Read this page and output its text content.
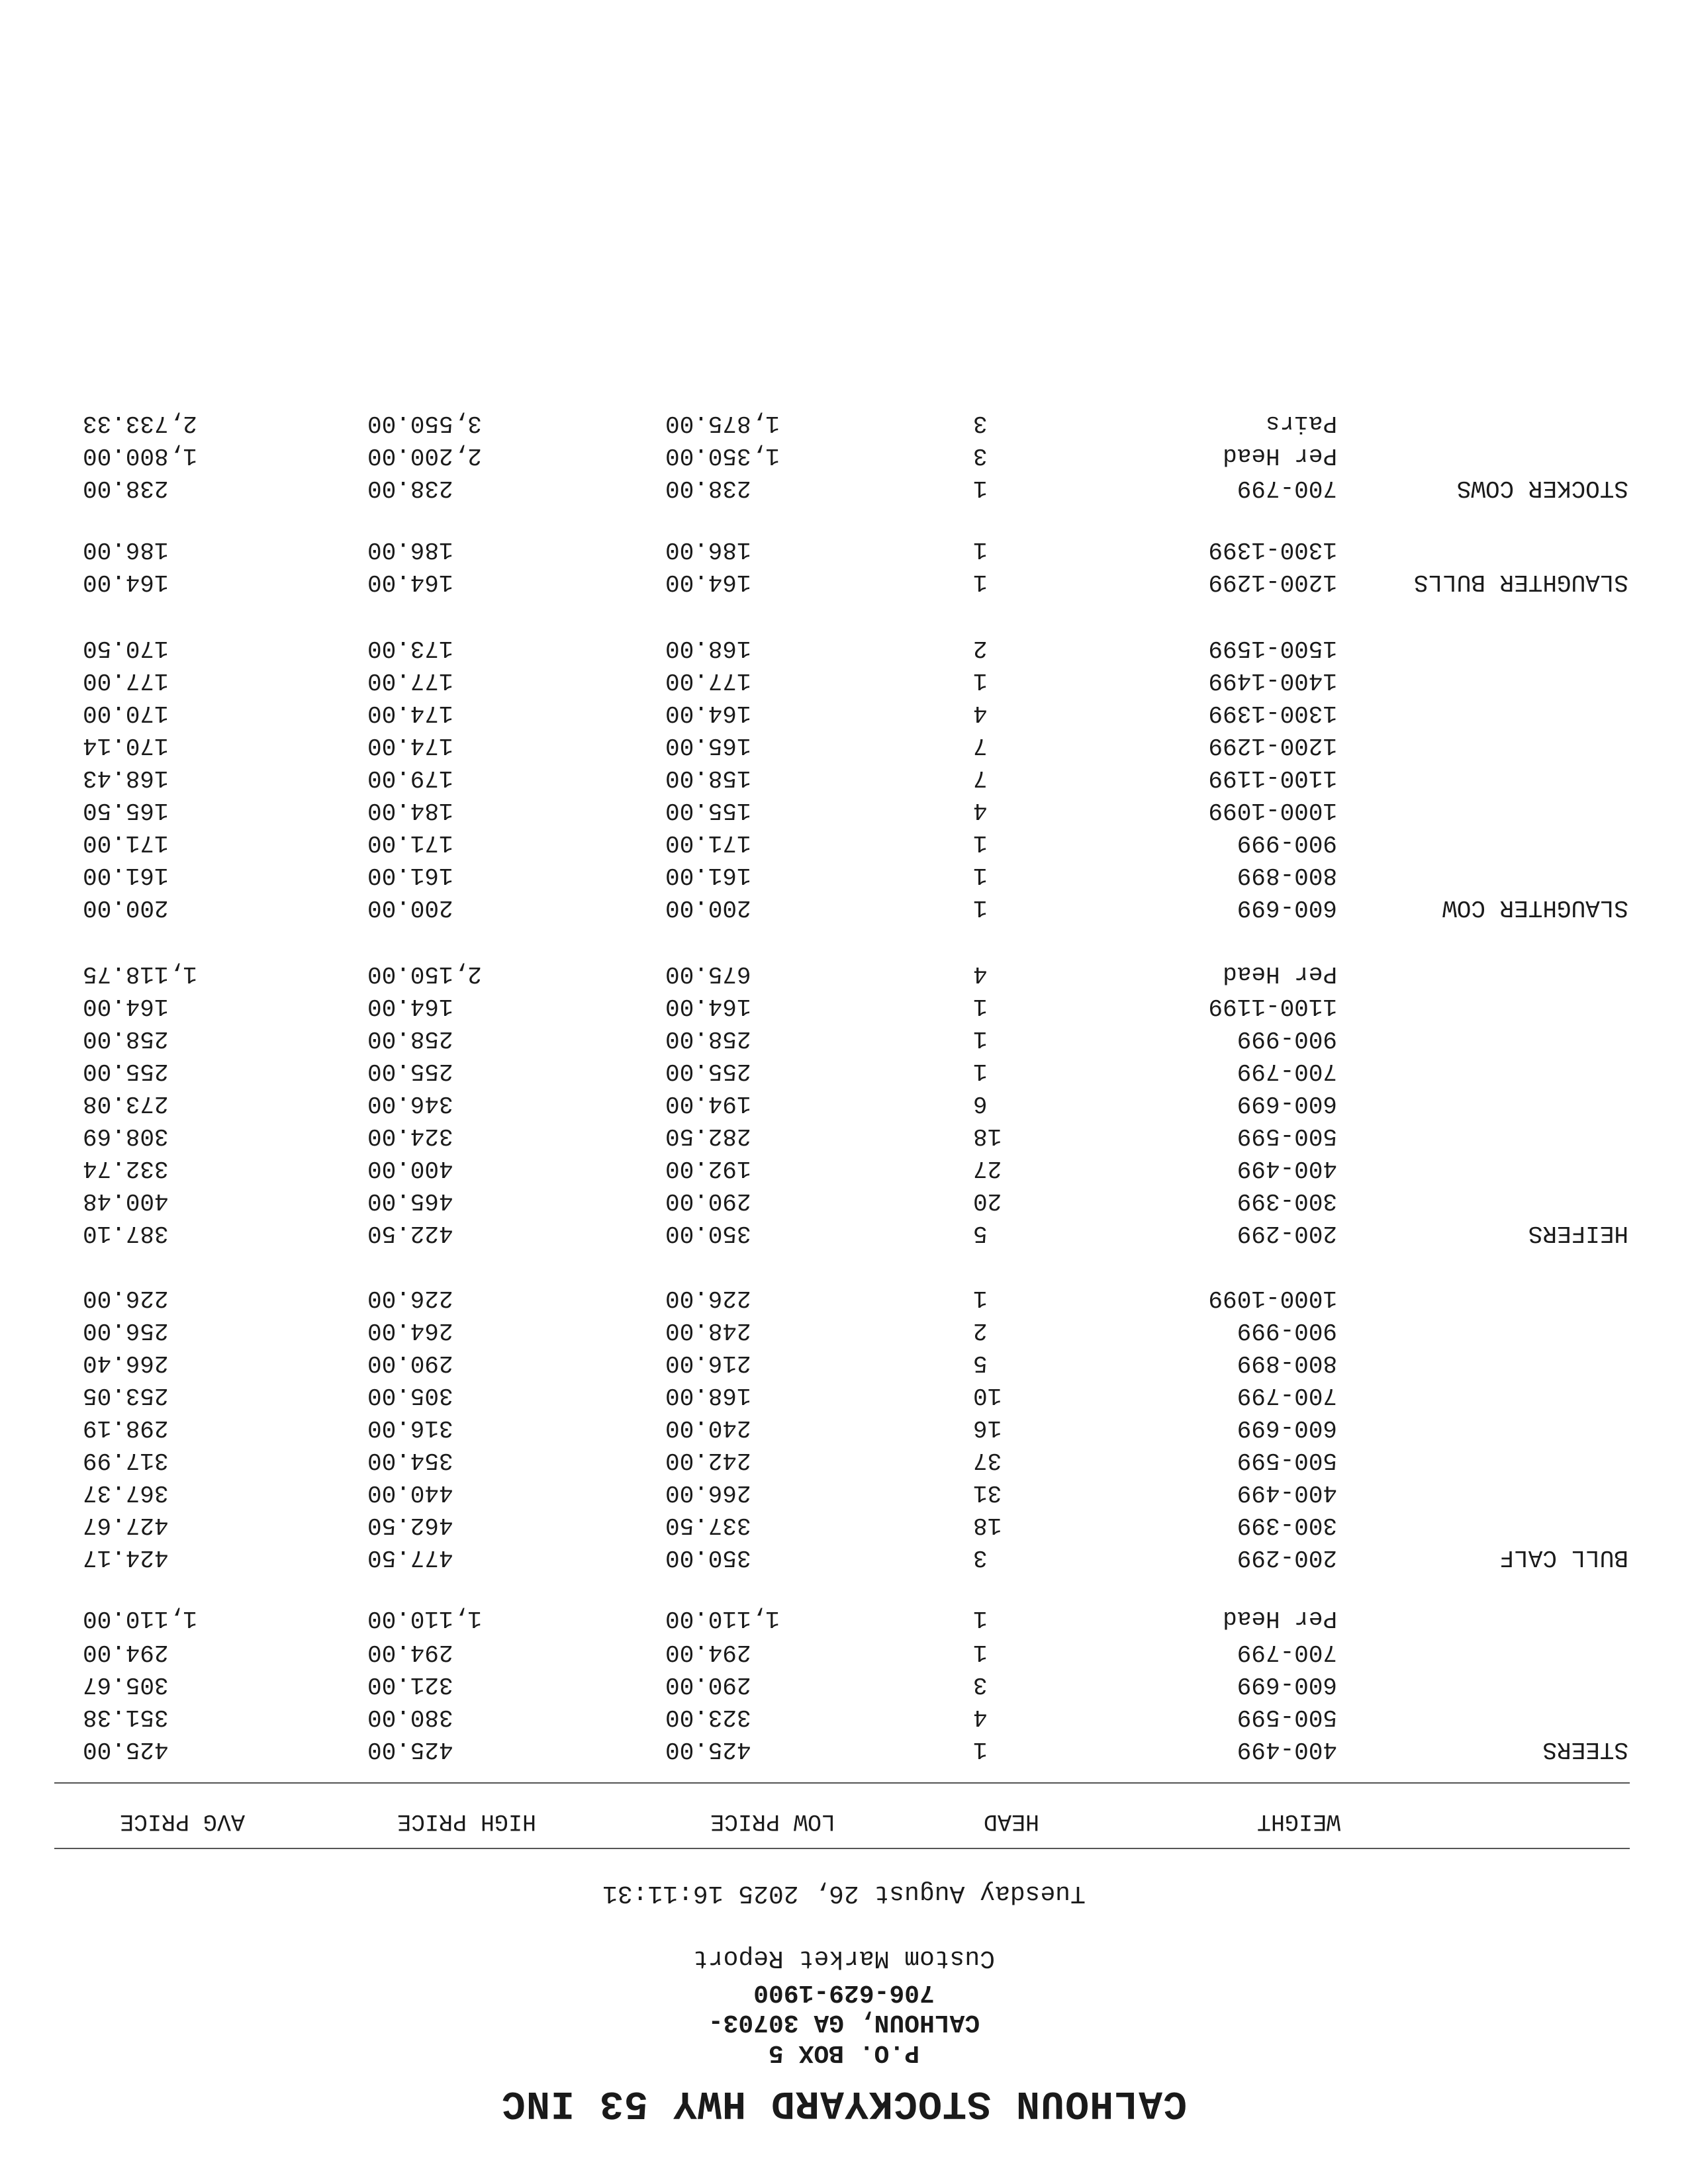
CALHOUN STOCKYARD HWY 53 INC

P.O. BOX 5

CALHOUN, GA 30703-

706-629-1900

Custom Market Report

Tuesday August 26, 2025 16:11:31

WEIGHT
HEAD
LOW PRICE
HIGH PRICE
AVG PRICE
STEERS
400-499
1
425.00
425.00
425.00
500-599
4
323.00
380.00
351.38
600-699
3
290.00
321.00
305.67
700-799
1
294.00
294.00
294.00
Per Head
1
1,110.00
1,110.00
1,110.00
BULL CALF
200-299
3
350.00
477.50
424.17
300-399
18
337.50
462.50
427.67
400-499
31
266.00
440.00
367.37
500-599
37
242.00
354.00
317.99
600-699
16
240.00
316.00
298.19
700-799
10
168.00
305.00
253.05
800-899
5
216.00
290.00
266.40
900-999
2
248.00
264.00
256.00
1000-1099
1
226.00
226.00
226.00
HEIFERS
200-299
5
350.00
422.50
387.10
300-399
20
290.00
465.00
400.48
400-499
27
192.00
400.00
332.74
500-599
18
282.50
324.00
308.69
600-699
6
194.00
346.00
273.08
700-799
1
255.00
255.00
255.00
900-999
1
258.00
258.00
258.00
1100-1199
1
164.00
164.00
164.00
Per Head
4
675.00
2,150.00
1,118.75
SLAUGHTER COW
600-699
1
200.00
200.00
200.00
800-899
1
161.00
161.00
161.00
900-999
1
171.00
171.00
171.00
1000-1099
4
155.00
184.00
165.50
1100-1199
7
158.00
179.00
168.43
1200-1299
7
165.00
174.00
170.14
1300-1399
4
164.00
174.00
170.00
1400-1499
1
177.00
177.00
177.00
1500-1599
2
168.00
173.00
170.50
SLAUGHTER BULLS
1200-1299
1
164.00
164.00
164.00
1300-1399
1
186.00
186.00
186.00
STOCKER COWS
700-799
1
238.00
238.00
238.00
Per Head
3
1,350.00
2,200.00
1,800.00
Pairs
3
1,875.00
3,550.00
2,733.33
